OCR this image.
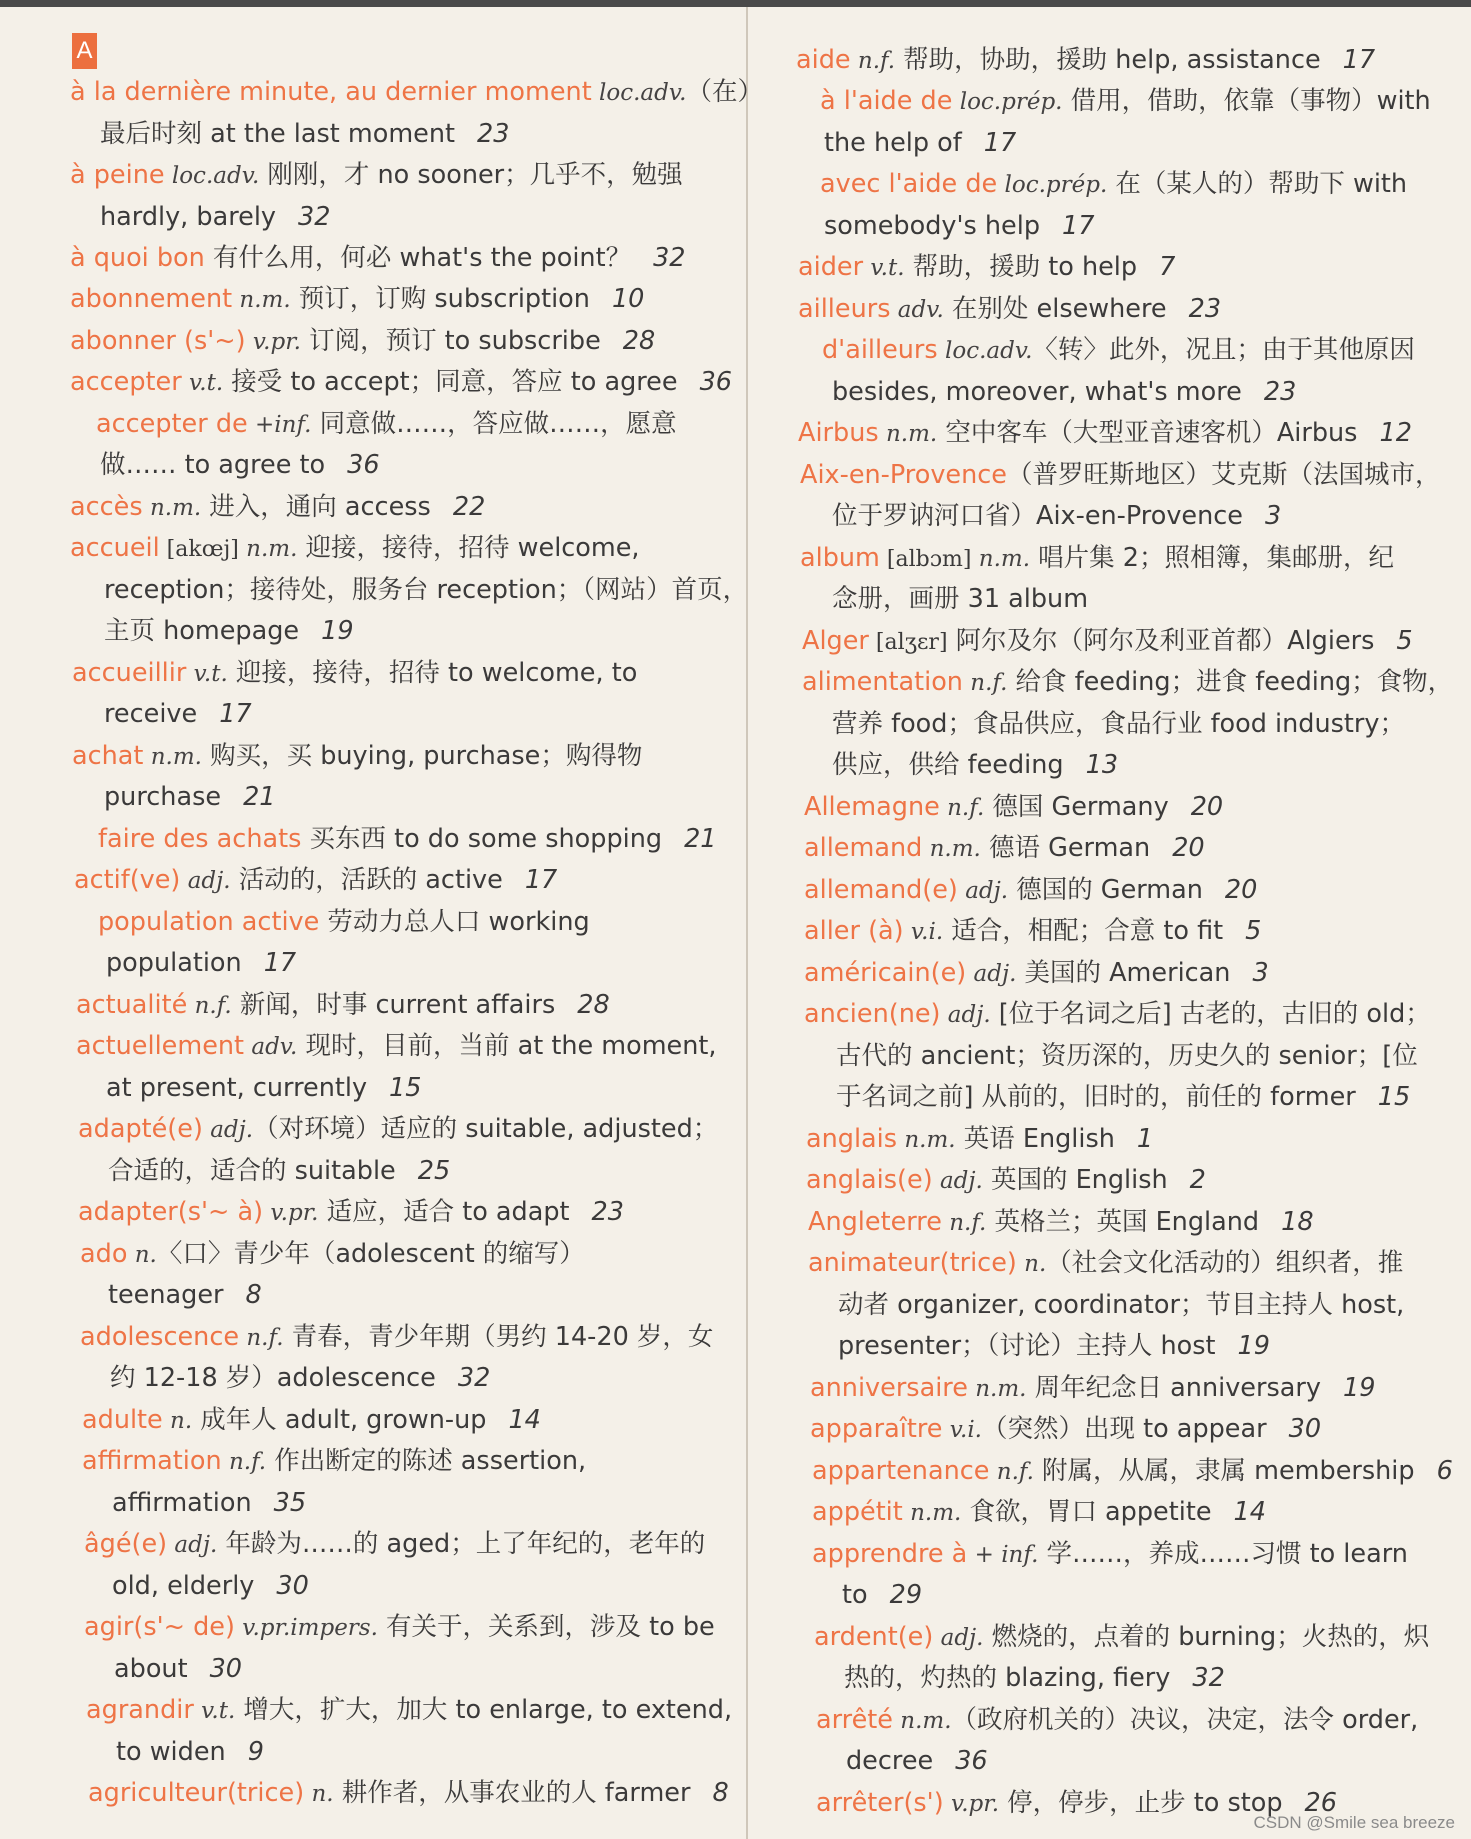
A
à la dernière minute, au dernier moment loc.adv.（在）
最后时刻 at the last moment 23
à peine loc.adv. 刚刚，才 no sooner；几乎不，勉强
hardly, barely 32
à quoi bon 有什么用，何必 what's the point？ 32
abonnement n.m. 预订，订购 subscription 10
abonner (s'~) v.pr. 订阅，预订 to subscribe 28
accepter v.t. 接受 to accept；同意，答应 to agree 36
accepter de +inf. 同意做……，答应做……，愿意
做…… to agree to 36
accès n.m. 进入，通向 access 22
accueil [akœj] n.m. 迎接，接待，招待 welcome,
reception；接待处，服务台 reception；（网站）首页，
主页 homepage 19
accueillir v.t. 迎接，接待，招待 to welcome, to
receive 17
achat n.m. 购买，买 buying, purchase；购得物
purchase 21
faire des achats 买东西 to do some shopping 21
actif(ve) adj. 活动的，活跃的 active 17
population active 劳动力总人口 working
population 17
actualité n.f. 新闻，时事 current affairs 28
actuellement adv. 现时，目前，当前 at the moment,
at present, currently 15
adapté(e) adj.（对环境）适应的 suitable, adjusted；
合适的，适合的 suitable 25
adapter(s'~ à) v.pr. 适应，适合 to adapt 23
ado n.〈口〉青少年（adolescent 的缩写）
teenager 8
adolescence n.f. 青春，青少年期（男约 14-20 岁，女
约 12-18 岁）adolescence 32
adulte n. 成年人 adult, grown-up 14
affirmation n.f. 作出断定的陈述 assertion,
affirmation 35
âgé(e) adj. 年龄为……的 aged；上了年纪的，老年的
old, elderly 30
agir(s'~ de) v.pr.impers. 有关于，关系到，涉及 to be
about 30
agrandir v.t. 增大，扩大，加大 to enlarge, to extend,
to widen 9
agriculteur(trice) n. 耕作者，从事农业的人 farmer 8
aide n.f. 帮助，协助，援助 help, assistance 17
à l'aide de loc.prép. 借用，借助，依靠（事物）with
the help of 17
avec l'aide de loc.prép. 在（某人的）帮助下 with
somebody's help 17
aider v.t. 帮助，援助 to help 7
ailleurs adv. 在别处 elsewhere 23
d'ailleurs loc.adv.〈转〉此外，况且；由于其他原因
besides, moreover, what's more 23
Airbus n.m. 空中客车（大型亚音速客机）Airbus 12
Aix-en-Provence（普罗旺斯地区）艾克斯（法国城市，
位于罗讷河口省）Aix-en-Provence 3
album [albɔm] n.m. 唱片集 2；照相簿，集邮册，纪
念册，画册 31 album
Alger [alʒɛr] 阿尔及尔（阿尔及利亚首都）Algiers 5
alimentation n.f. 给食 feeding；进食 feeding；食物，
营养 food；食品供应，食品行业 food industry；
供应，供给 feeding 13
Allemagne n.f. 德国 Germany 20
allemand n.m. 德语 German 20
allemand(e) adj. 德国的 German 20
aller (à) v.i. 适合，相配；合意 to fit 5
américain(e) adj. 美国的 American 3
ancien(ne) adj. [位于名词之后] 古老的，古旧的 old；
古代的 ancient；资历深的，历史久的 senior；[位
于名词之前] 从前的，旧时的，前任的 former 15
anglais n.m. 英语 English 1
anglais(e) adj. 英国的 English 2
Angleterre n.f. 英格兰；英国 England 18
animateur(trice) n.（社会文化活动的）组织者，推
动者 organizer, coordinator；节目主持人 host,
presenter；（讨论）主持人 host 19
anniversaire n.m. 周年纪念日 anniversary 19
apparaître v.i.（突然）出现 to appear 30
appartenance n.f. 附属，从属，隶属 membership 6
appétit n.m. 食欲，胃口 appetite 14
apprendre à + inf. 学……，养成……习惯 to learn
to 29
ardent(e) adj. 燃烧的，点着的 burning；火热的，炽
热的，灼热的 blazing, fiery 32
arrêté n.m.（政府机关的）决议，决定，法令 order,
decree 36
arrêter(s') v.pr. 停，停步，止步 to stop 26
CSDN @Smile sea breeze
